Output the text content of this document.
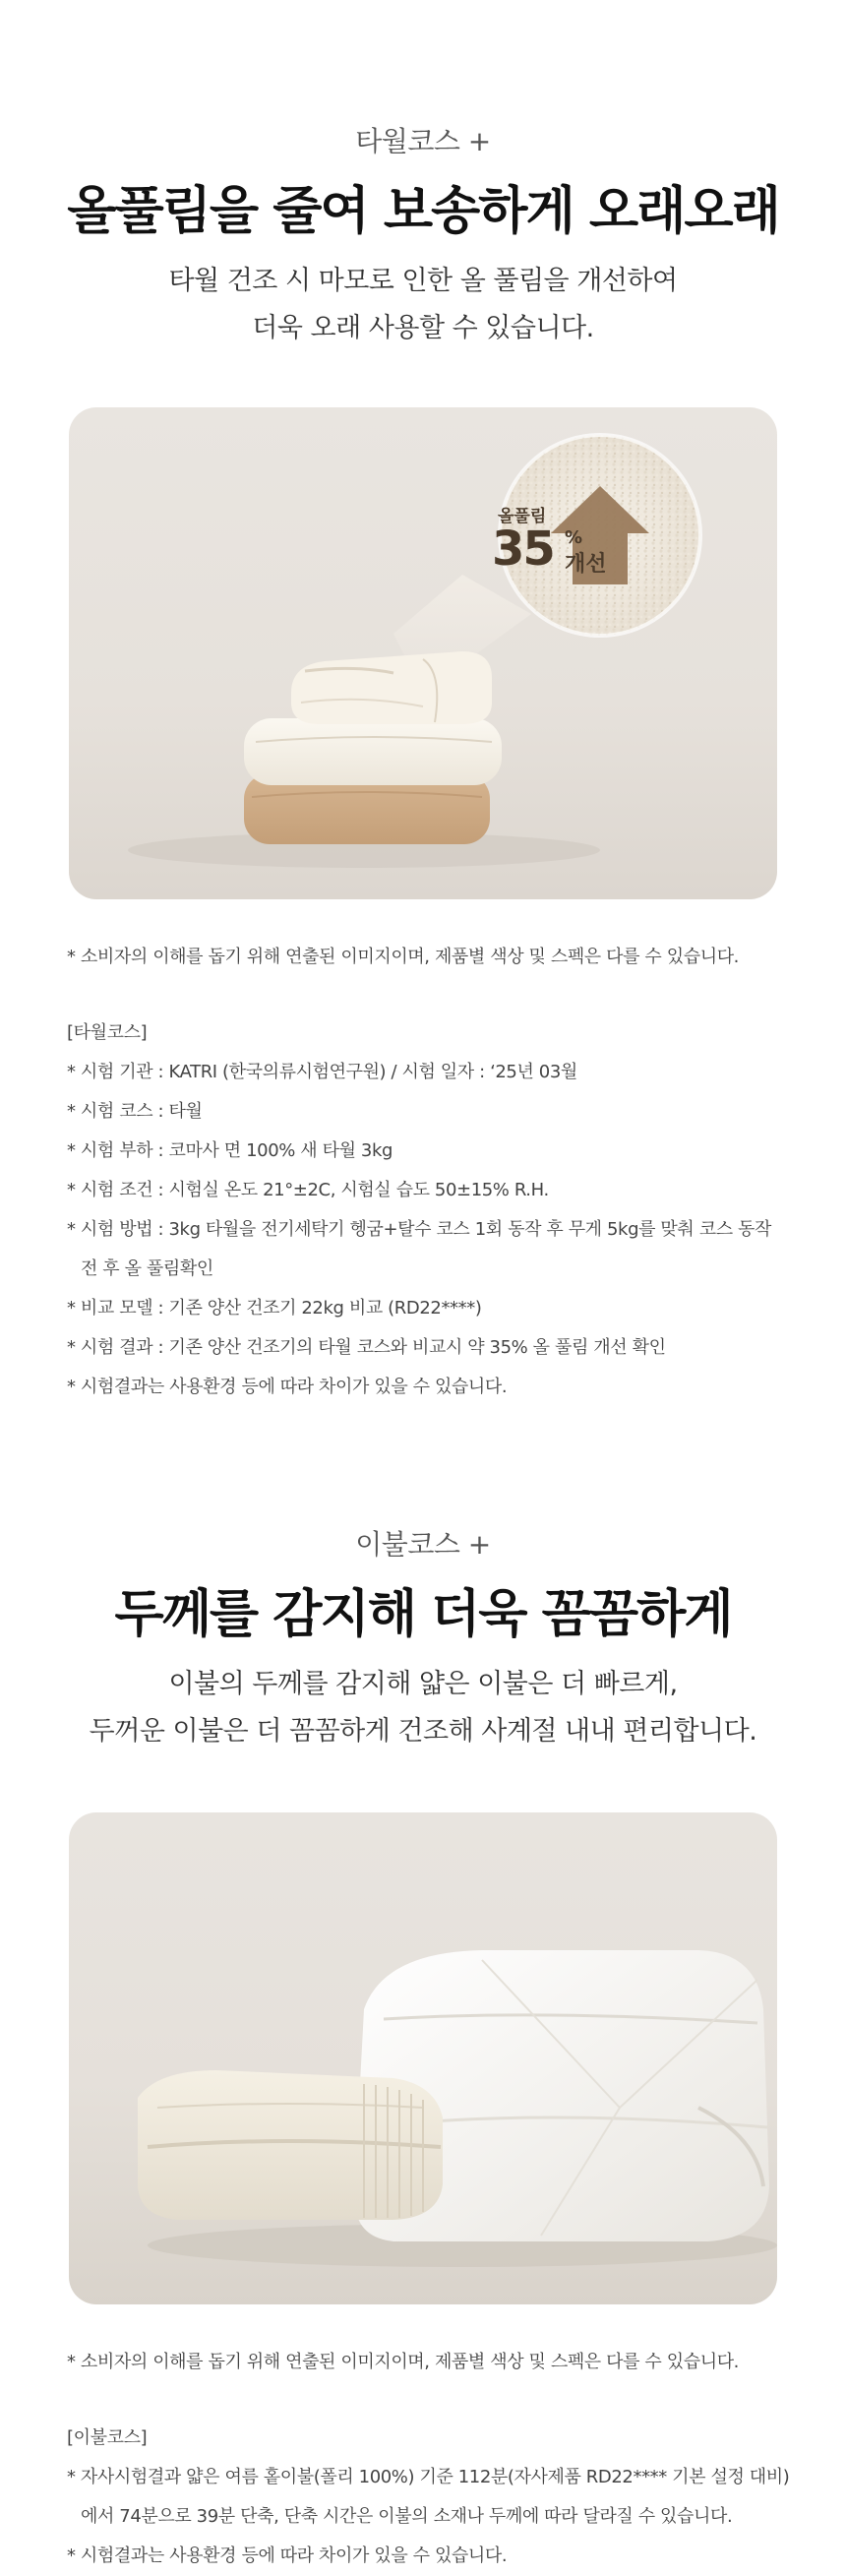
타월코스 +
올풀림을 줄여 보송하게 오래오래
타월 건조 시 마모로 인한 올 풀림을 개선하여
더욱 오래 사용할 수 있습니다.
올풀림
35 %
개선
* 소비자의 이해를 돕기 위해 연출된 이미지이며, 제품별 색상 및 스펙은 다를 수 있습니다.
[타월코스]
* 시험 기관 : KATRI (한국의류시험연구원) / 시험 일자 : ‘25년 03월
* 시험 코스 : 타월
* 시험 부하 : 코마사 면 100% 새 타월 3kg
* 시험 조건 : 시험실 온도 21°±2C, 시험실 습도 50±15% R.H.
* 시험 방법 : 3kg 타월을 전기세탁기 헹굼+탈수 코스 1회 동작 후 무게 5kg를 맞춰 코스 동작
전 후 올 풀림확인
* 비교 모델 : 기존 양산 건조기 22kg 비교 (RD22****)
* 시험 결과 : 기존 양산 건조기의 타월 코스와 비교시 약 35% 올 풀림 개선 확인
* 시험결과는 사용환경 등에 따라 차이가 있을 수 있습니다.
이불코스 +
두께를 감지해 더욱 꼼꼼하게
이불의 두께를 감지해 얇은 이불은 더 빠르게,
두꺼운 이불은 더 꼼꼼하게 건조해 사계절 내내 편리합니다.
* 소비자의 이해를 돕기 위해 연출된 이미지이며, 제품별 색상 및 스펙은 다를 수 있습니다.
[이불코스]
* 자사시험결과 얇은 여름 홑이불(폴리 100%) 기준 112분(자사제품 RD22**** 기본 설정 대비)
에서 74분으로 39분 단축, 단축 시간은 이불의 소재나 두께에 따라 달라질 수 있습니다.
* 시험결과는 사용환경 등에 따라 차이가 있을 수 있습니다.
